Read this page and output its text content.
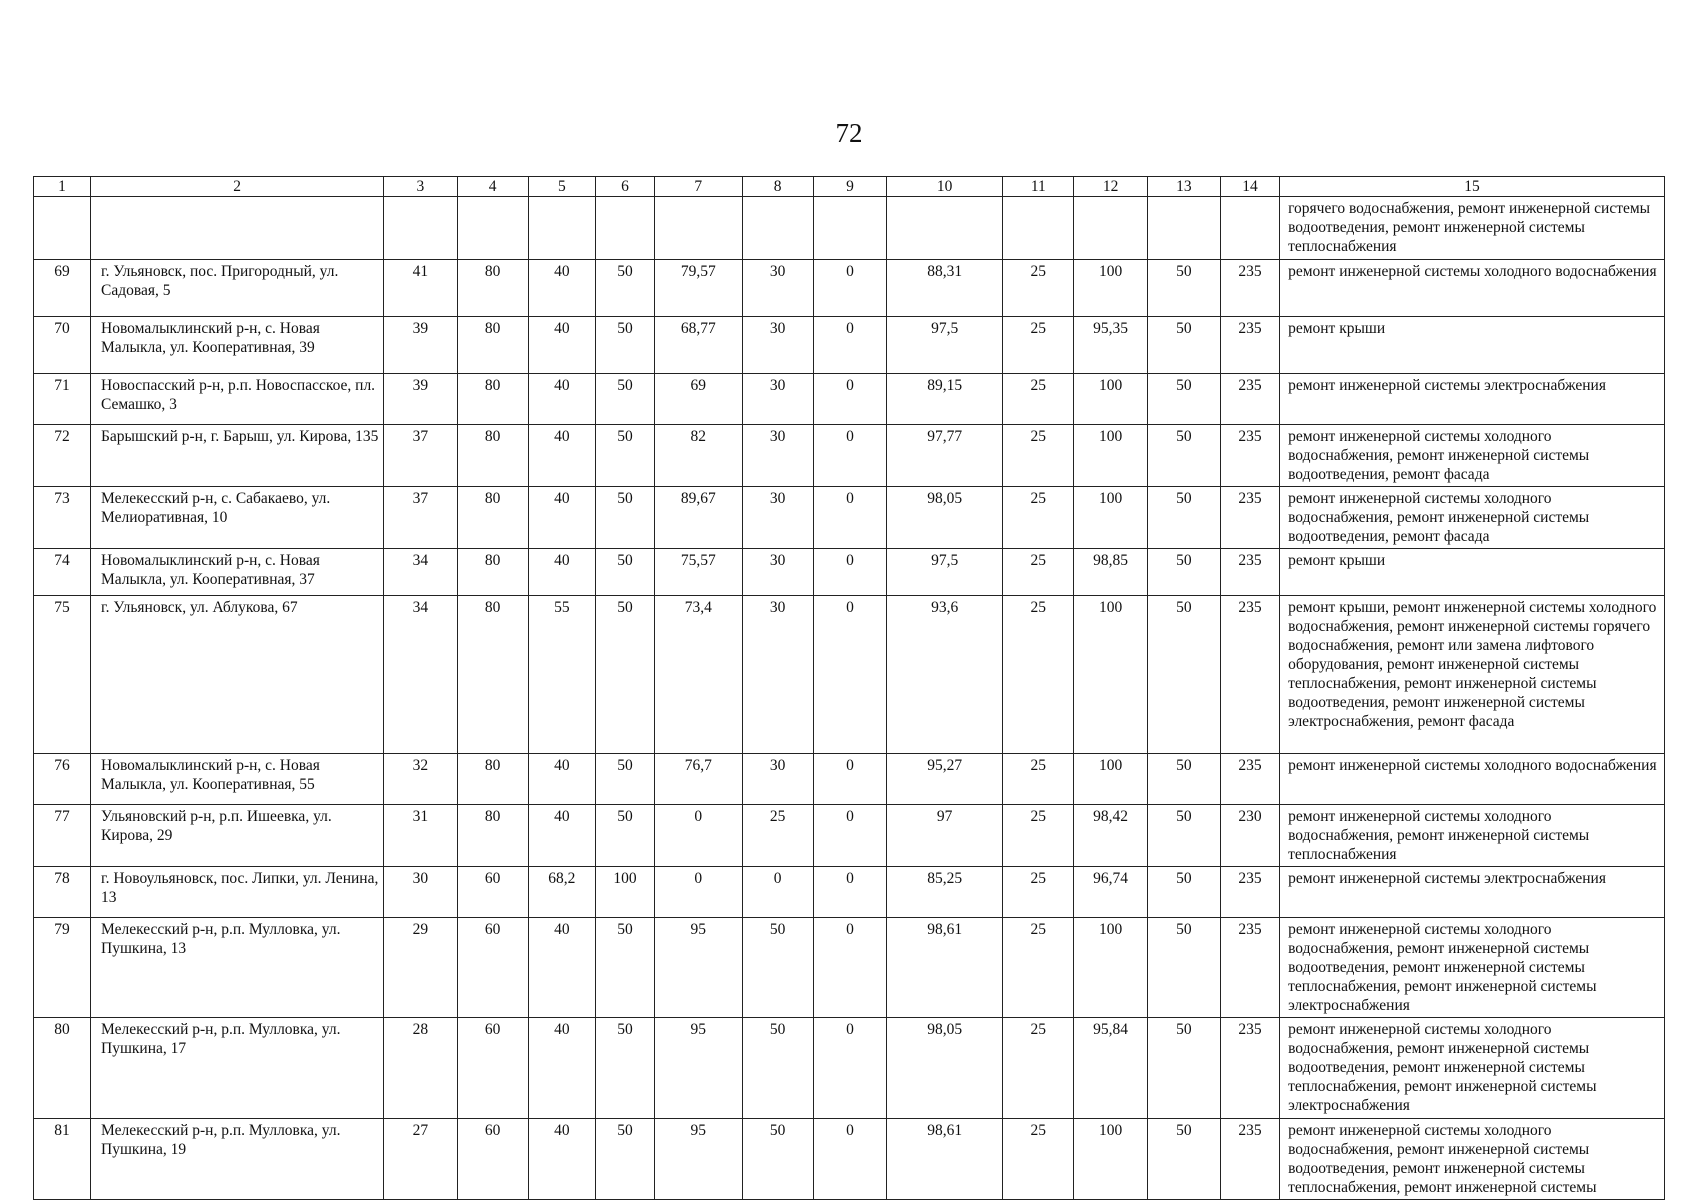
72
1	2	3	4	5	6	7	8	9	10	11	12	13	14	15
														горячего водоснабжения, ремонт инженерной системы водоотведения, ремонт инженерной системы теплоснабжения
69	г. Ульяновск, пос. Пригородный, ул. Садовая, 5	41	80	40	50	79,57	30	0	88,31	25	100	50	235	ремонт инженерной системы холодного водоснабжения
70	Новомалыклинский р-н, с. Новая Малыкла, ул. Кооперативная, 39	39	80	40	50	68,77	30	0	97,5	25	95,35	50	235	ремонт крыши
71	Новоспасский р-н, р.п. Новоспасское, пл. Семашко, 3	39	80	40	50	69	30	0	89,15	25	100	50	235	ремонт инженерной системы электроснабжения
72	Барышский р-н, г. Барыш, ул. Кирова, 135	37	80	40	50	82	30	0	97,77	25	100	50	235	ремонт инженерной системы холодного водоснабжения, ремонт инженерной системы водоотведения, ремонт фасада
73	Мелекесский р-н, с. Сабакаево, ул. Мелиоративная, 10	37	80	40	50	89,67	30	0	98,05	25	100	50	235	ремонт инженерной системы холодного водоснабжения, ремонт инженерной системы водоотведения, ремонт фасада
74	Новомалыклинский р-н, с. Новая Малыкла, ул. Кооперативная, 37	34	80	40	50	75,57	30	0	97,5	25	98,85	50	235	ремонт крыши
75	г. Ульяновск, ул. Аблукова, 67	34	80	55	50	73,4	30	0	93,6	25	100	50	235	ремонт крыши, ремонт инженерной системы холодного водоснабжения, ремонт инженерной системы горячего водоснабжения, ремонт или замена лифтового оборудования, ремонт инженерной системы теплоснабжения, ремонт инженерной системы водоотведения, ремонт инженерной системы электроснабжения, ремонт фасада
76	Новомалыклинский р-н, с. Новая Малыкла, ул. Кооперативная, 55	32	80	40	50	76,7	30	0	95,27	25	100	50	235	ремонт инженерной системы холодного водоснабжения
77	Ульяновский р-н, р.п. Ишеевка, ул. Кирова, 29	31	80	40	50	0	25	0	97	25	98,42	50	230	ремонт инженерной системы холодного водоснабжения, ремонт инженерной системы теплоснабжения
78	г. Новоульяновск, пос. Липки, ул. Ленина, 13	30	60	68,2	100	0	0	0	85,25	25	96,74	50	235	ремонт инженерной системы электроснабжения
79	Мелекесский р-н, р.п. Мулловка, ул. Пушкина, 13	29	60	40	50	95	50	0	98,61	25	100	50	235	ремонт инженерной системы холодного водоснабжения, ремонт инженерной системы водоотведения, ремонт инженерной системы теплоснабжения, ремонт инженерной системы электроснабжения
80	Мелекесский р-н, р.п. Мулловка, ул. Пушкина, 17	28	60	40	50	95	50	0	98,05	25	95,84	50	235	ремонт инженерной системы холодного водоснабжения, ремонт инженерной системы водоотведения, ремонт инженерной системы теплоснабжения, ремонт инженерной системы электроснабжения
81	Мелекесский р-н, р.п. Мулловка, ул. Пушкина, 19	27	60	40	50	95	50	0	98,61	25	100	50	235	ремонт инженерной системы холодного водоснабжения, ремонт инженерной системы водоотведения, ремонт инженерной системы теплоснабжения, ремонт инженерной системы
